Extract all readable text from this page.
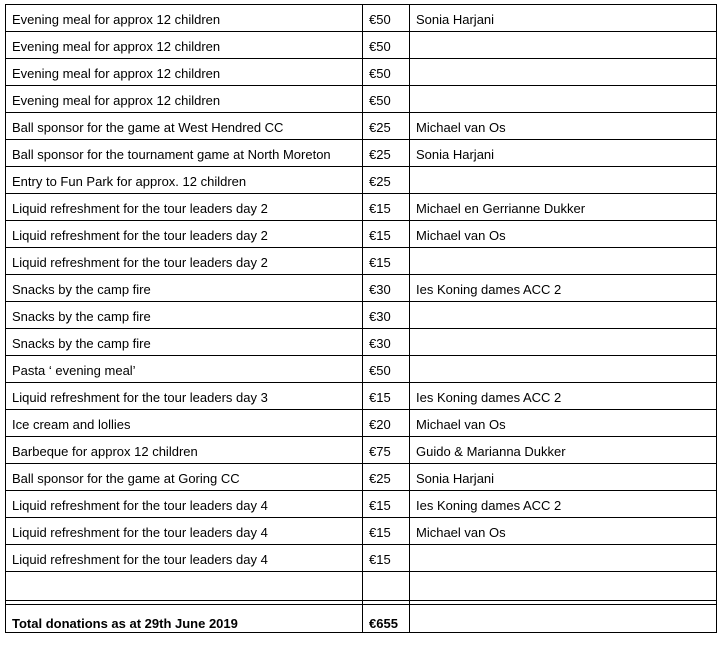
Evening meal for approx 12 children	€50	Sonia Harjani
Evening meal for approx 12 children	€50	
Evening meal for approx 12 children	€50	
Evening meal for approx 12 children	€50	
Ball sponsor for the game at West Hendred CC	€25	Michael van Os
Ball sponsor for the tournament game at North Moreton	€25	Sonia Harjani
Entry to Fun Park for approx. 12 children	€25	
Liquid refreshment for the tour leaders day 2	€15	Michael en Gerrianne Dukker
Liquid refreshment for the tour leaders day 2	€15	Michael van Os
Liquid refreshment for the tour leaders day 2	€15	
Snacks by the camp fire	€30	Ies Koning dames ACC 2
Snacks by the camp fire	€30	
Snacks by the camp fire	€30	
Pasta ‘ evening meal’	€50	
Liquid refreshment for the tour leaders day 3	€15	Ies Koning dames ACC 2
Ice cream and lollies	€20	Michael van Os
Barbeque for approx 12 children	€75	Guido & Marianna Dukker
Ball sponsor for the game at Goring CC	€25	Sonia Harjani
Liquid refreshment for the tour leaders day 4	€15	Ies Koning dames ACC 2
Liquid refreshment for the tour leaders day 4	€15	Michael van Os
Liquid refreshment for the tour leaders day 4	€15	

Total donations as at 29th June 2019	€655	
